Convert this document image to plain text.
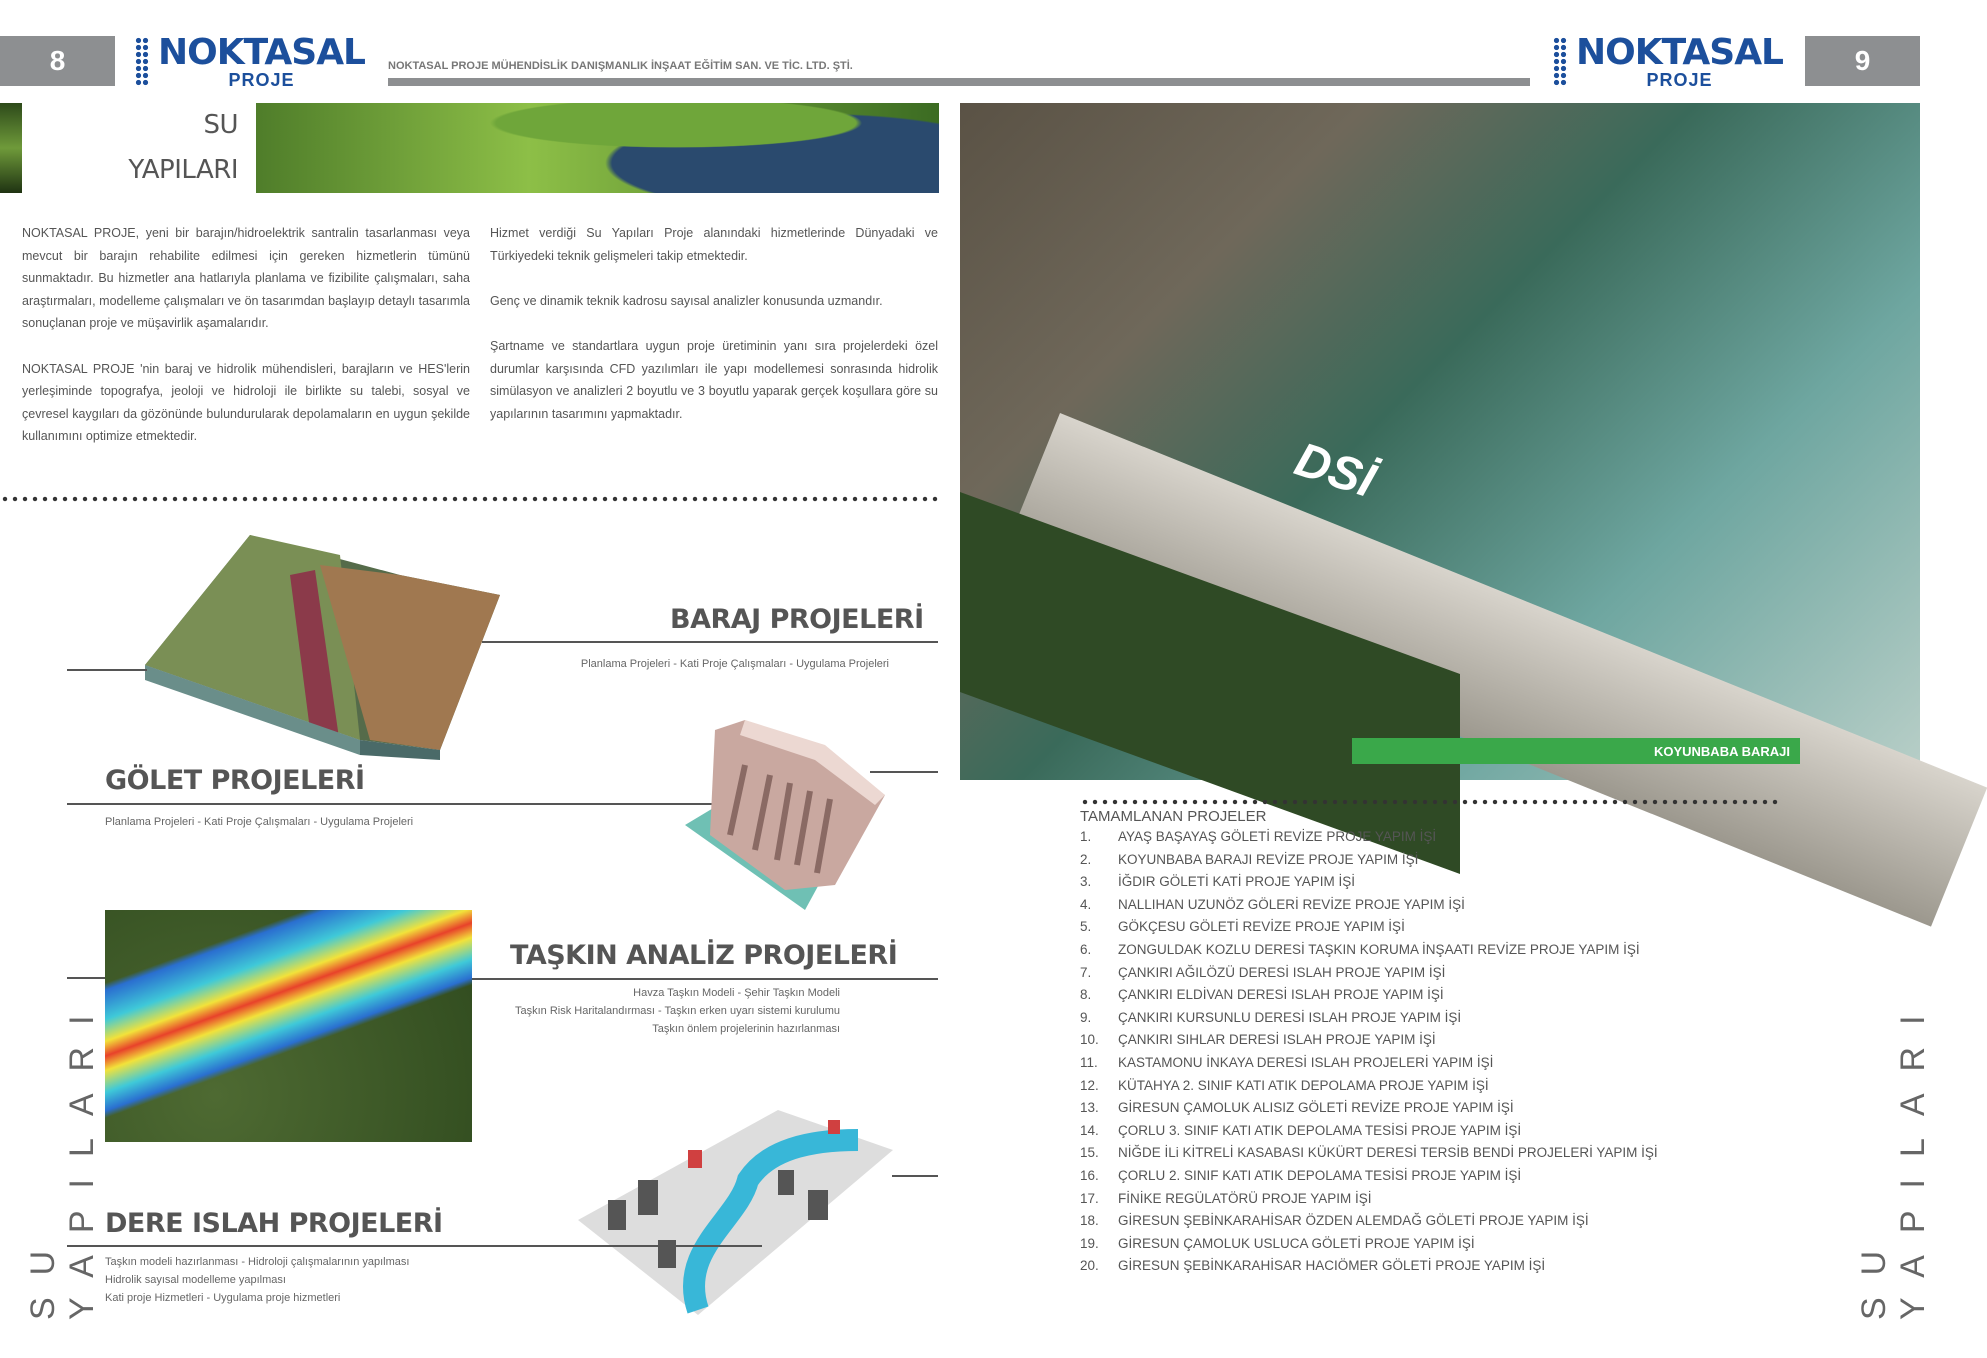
8	NOKTASAL
PROJE
NOKTASAL PROJE MÜHENDİSLİK DANIŞMANLIK İNŞAAT EĞİTİM SAN. VE TİC. LTD. ŞTİ.	NOKTASAL
PROJE
9
SU
YAPILARI

NOKTASAL PROJE, yeni bir barajın/hidroelektrik santralin tasarlanması veya mevcut bir barajın rehabilite edilmesi için gereken hizmetlerin tümünü sunmaktadır. Bu hizmetler ana hatlarıyla planlama ve fizibilite çalışmaları, saha araştırmaları, modelleme çalışmaları ve ön tasarımdan başlayıp detaylı tasarımla sonuçlanan proje ve müşavirlik aşamalarıdır.

NOKTASAL PROJE 'nin baraj ve hidrolik mühendisleri, barajların ve HES'lerin yerleşiminde topografya, jeoloji ve hidroloji ile birlikte su talebi, sosyal ve çevresel kaygıları da gözönünde bulundurularak depolamaların en uygun şekilde kullanımını optimize etmektedir.

Hizmet verdiği Su Yapıları Proje alanındaki hizmetlerinde Dünyadaki ve Türkiyedeki teknik gelişmeleri takip etmektedir.

Genç ve dinamik teknik kadrosu sayısal analizler konusunda uzmandır.

Şartname ve standartlara uygun proje üretiminin yanı sıra projelerdeki özel durumlar karşısında CFD yazılımları ile yapı modellemesi sonrasında hidrolik simülasyon ve analizleri 2 boyutlu ve 3 boyutlu yaparak gerçek koşullara göre su yapılarının tasarımını yapmaktadır.

BARAJ PROJELERİ
Planlama Projeleri - Kati Proje Çalışmaları - Uygulama Projeleri
GÖLET PROJELERİ
Planlama Projeleri - Kati Proje Çalışmaları - Uygulama Projeleri
TAŞKIN ANALİZ PROJELERİ
Havza Taşkın Modeli - Şehir Taşkın Modeli
Taşkın Risk Haritalandırması - Taşkın erken uyarı sistemi kurulumu
Taşkın önlem projelerinin hazırlanması
DERE ISLAH PROJELERİ
Taşkın modeli hazırlanması - Hidroloji çalışmalarının yapılması
Hidrolik sayısal modelleme yapılması
Kati proje Hizmetleri - Uygulama proje hizmetleri
SU YAPILARI
DSİ
KOYUNBABA BARAJI
TAMAMLANAN PROJELER
1.	AYAŞ BAŞAYAŞ GÖLETİ REVİZE PROJE YAPIM İŞİ
2.	KOYUNBABA BARAJI REVİZE PROJE YAPIM İŞİ
3.	İĞDIR GÖLETİ KATİ PROJE YAPIM İŞİ
4.	NALLIHAN UZUNÖZ GÖLERİ REVİZE PROJE YAPIM İŞİ
5.	GÖKÇESU GÖLETİ REVİZE PROJE YAPIM İŞİ
6.	ZONGULDAK KOZLU DERESİ TAŞKIN KORUMA İNŞAATI REVİZE PROJE YAPIM İŞİ
7.	ÇANKIRI AĞILÖZÜ DERESİ ISLAH PROJE YAPIM İŞİ
8.	ÇANKIRI ELDİVAN DERESİ ISLAH PROJE YAPIM İŞİ
9.	ÇANKIRI KURSUNLU DERESİ ISLAH PROJE YAPIM İŞİ
10.	ÇANKIRI SIHLAR DERESİ ISLAH PROJE YAPIM İŞİ
11.	KASTAMONU İNKAYA DERESİ ISLAH PROJELERİ YAPIM İŞİ
12.	KÜTAHYA 2. SINIF KATI ATIK DEPOLAMA PROJE YAPIM İŞİ
13.	GİRESUN ÇAMOLUK ALISIZ GÖLETİ REVİZE PROJE YAPIM İŞİ
14.	ÇORLU 3. SINIF KATI ATIK DEPOLAMA TESİSİ PROJE YAPIM İŞİ
15.	NİĞDE İLi KİTRELİ KASABASI KÜKÜRT DERESİ TERSİB BENDİ PROJELERİ YAPIM İŞİ
16.	ÇORLU 2. SINIF KATI ATIK DEPOLAMA TESİSİ PROJE YAPIM İŞİ
17.	FİNİKE REGÜLATÖRÜ PROJE YAPIM İŞİ
18.	GİRESUN ŞEBİNKARAHİSAR ÖZDEN ALEMDAĞ GÖLETİ PROJE YAPIM İŞİ
19.	GİRESUN ÇAMOLUK USLUCA GÖLETİ PROJE YAPIM İŞİ
20.	GİRESUN ŞEBİNKARAHİSAR HACIÖMER GÖLETİ PROJE YAPIM İŞİ	SU YAPILARI
